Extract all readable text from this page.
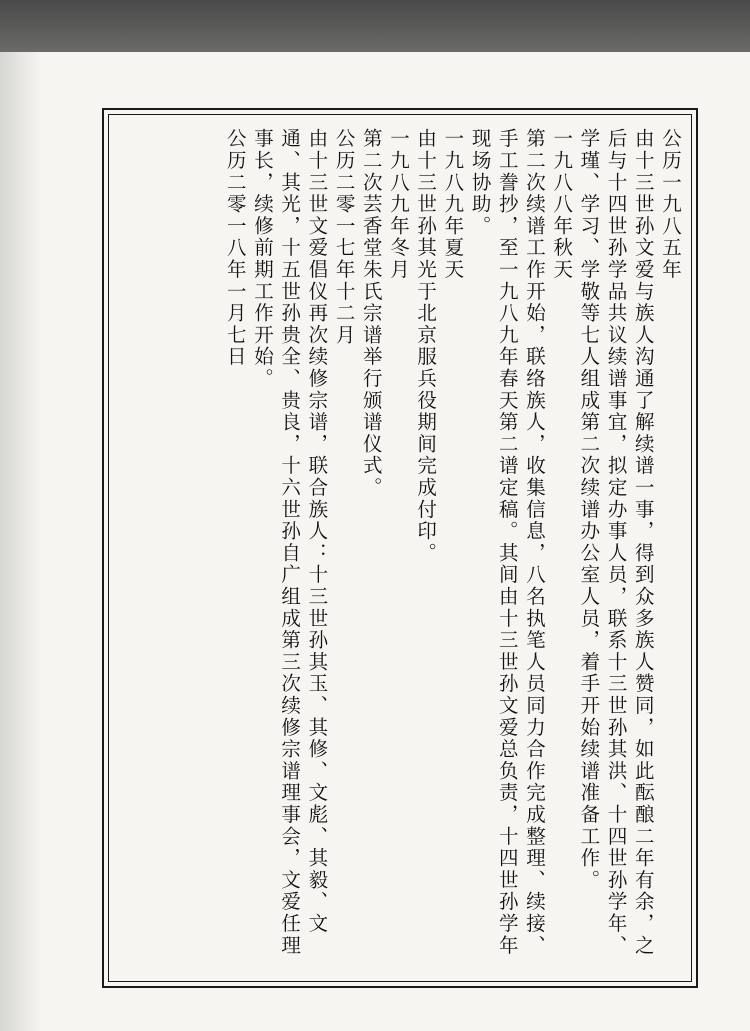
公历一九八五年

由十三世孙文爱与族人沟通了解续谱一事，得到众多族人赞同，如此酝酿二年有余，之后与十四世孙学品共议续谱事宜，拟定办事人员，联系十三世孙其洪、十四世孙学年、学瑾、学习、学敬等七人组成第二次续谱办公室人员，着手开始续谱准备工作。

一九八八年秋天

第二次续谱工作开始，联络族人，收集信息，八名执笔人员同力合作完成整理、续接、手工誊抄，至一九八九年春天第二谱定稿。其间由十三世孙文爱总负责，十四世孙学年现场协助。

一九八九年夏天

由十三世孙其光于北京服兵役期间完成付印。

一九八九年冬月

第二次芸香堂朱氏宗谱举行颁谱仪式。

公历二零一七年十二月

由十三世文爱倡仪再次续修宗谱，联合族人：十三世孙其玉、其修、文彪、其毅、文通、其光，十五世孙贵全、贵良，十六世孙自广组成第三次续修宗谱理事会，文爱任理事长，续修前期工作开始。

公历二零一八年一月七日
